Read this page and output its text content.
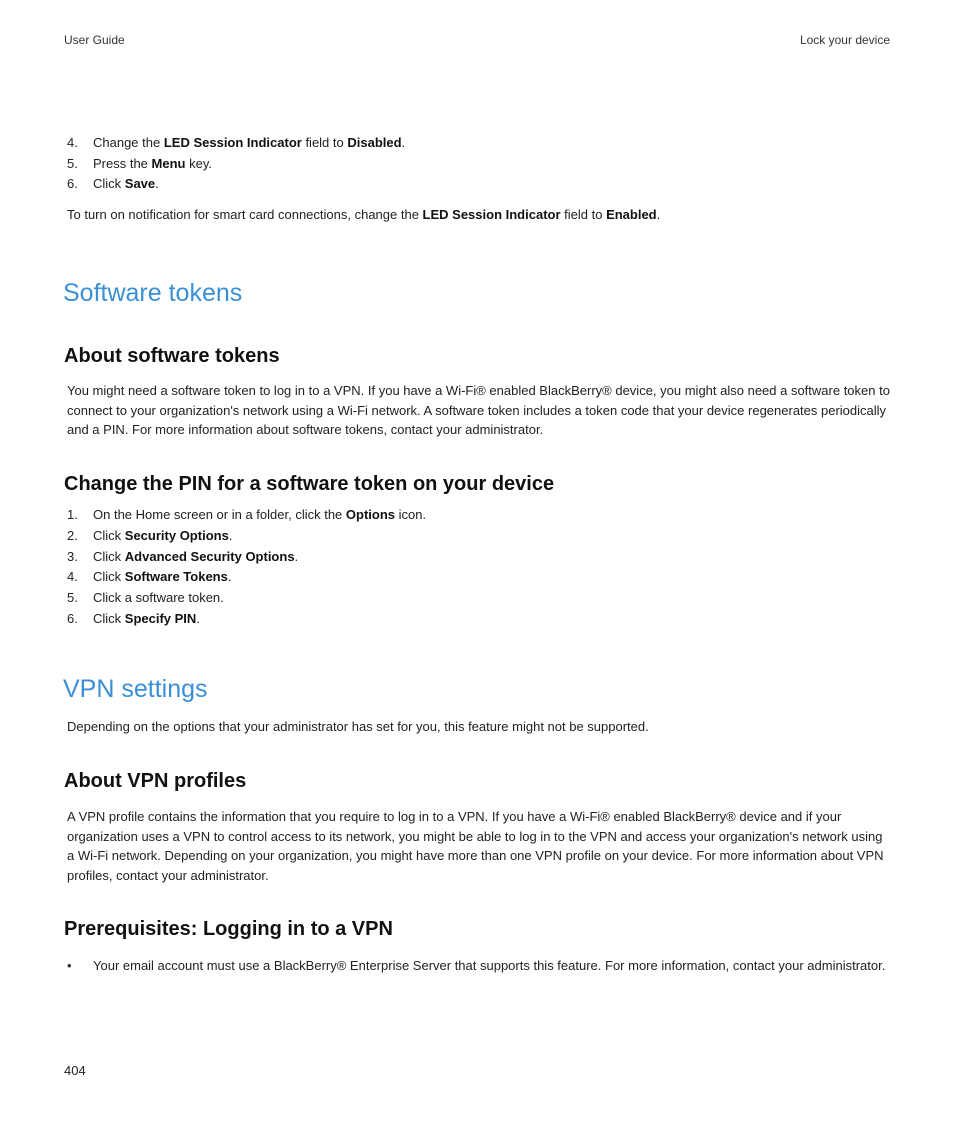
User Guide	Lock your device
4. Change the LED Session Indicator field to Disabled.
5. Press the Menu key.
6. Click Save.
To turn on notification for smart card connections, change the LED Session Indicator field to Enabled.
Software tokens
About software tokens
You might need a software token to log in to a VPN. If you have a Wi-Fi® enabled BlackBerry® device, you might also need a software token to connect to your organization's network using a Wi-Fi network. A software token includes a token code that your device regenerates periodically and a PIN. For more information about software tokens, contact your administrator.
Change the PIN for a software token on your device
1. On the Home screen or in a folder, click the Options icon.
2. Click Security Options.
3. Click Advanced Security Options.
4. Click Software Tokens.
5. Click a software token.
6. Click Specify PIN.
VPN settings
Depending on the options that your administrator has set for you, this feature might not be supported.
About VPN profiles
A VPN profile contains the information that you require to log in to a VPN. If you have a Wi-Fi® enabled BlackBerry® device and if your organization uses a VPN to control access to its network, you might be able to log in to the VPN and access your organization's network using a Wi-Fi network. Depending on your organization, you might have more than one VPN profile on your device. For more information about VPN profiles, contact your administrator.
Prerequisites: Logging in to a VPN
• Your email account must use a BlackBerry® Enterprise Server that supports this feature. For more information, contact your administrator.
404
